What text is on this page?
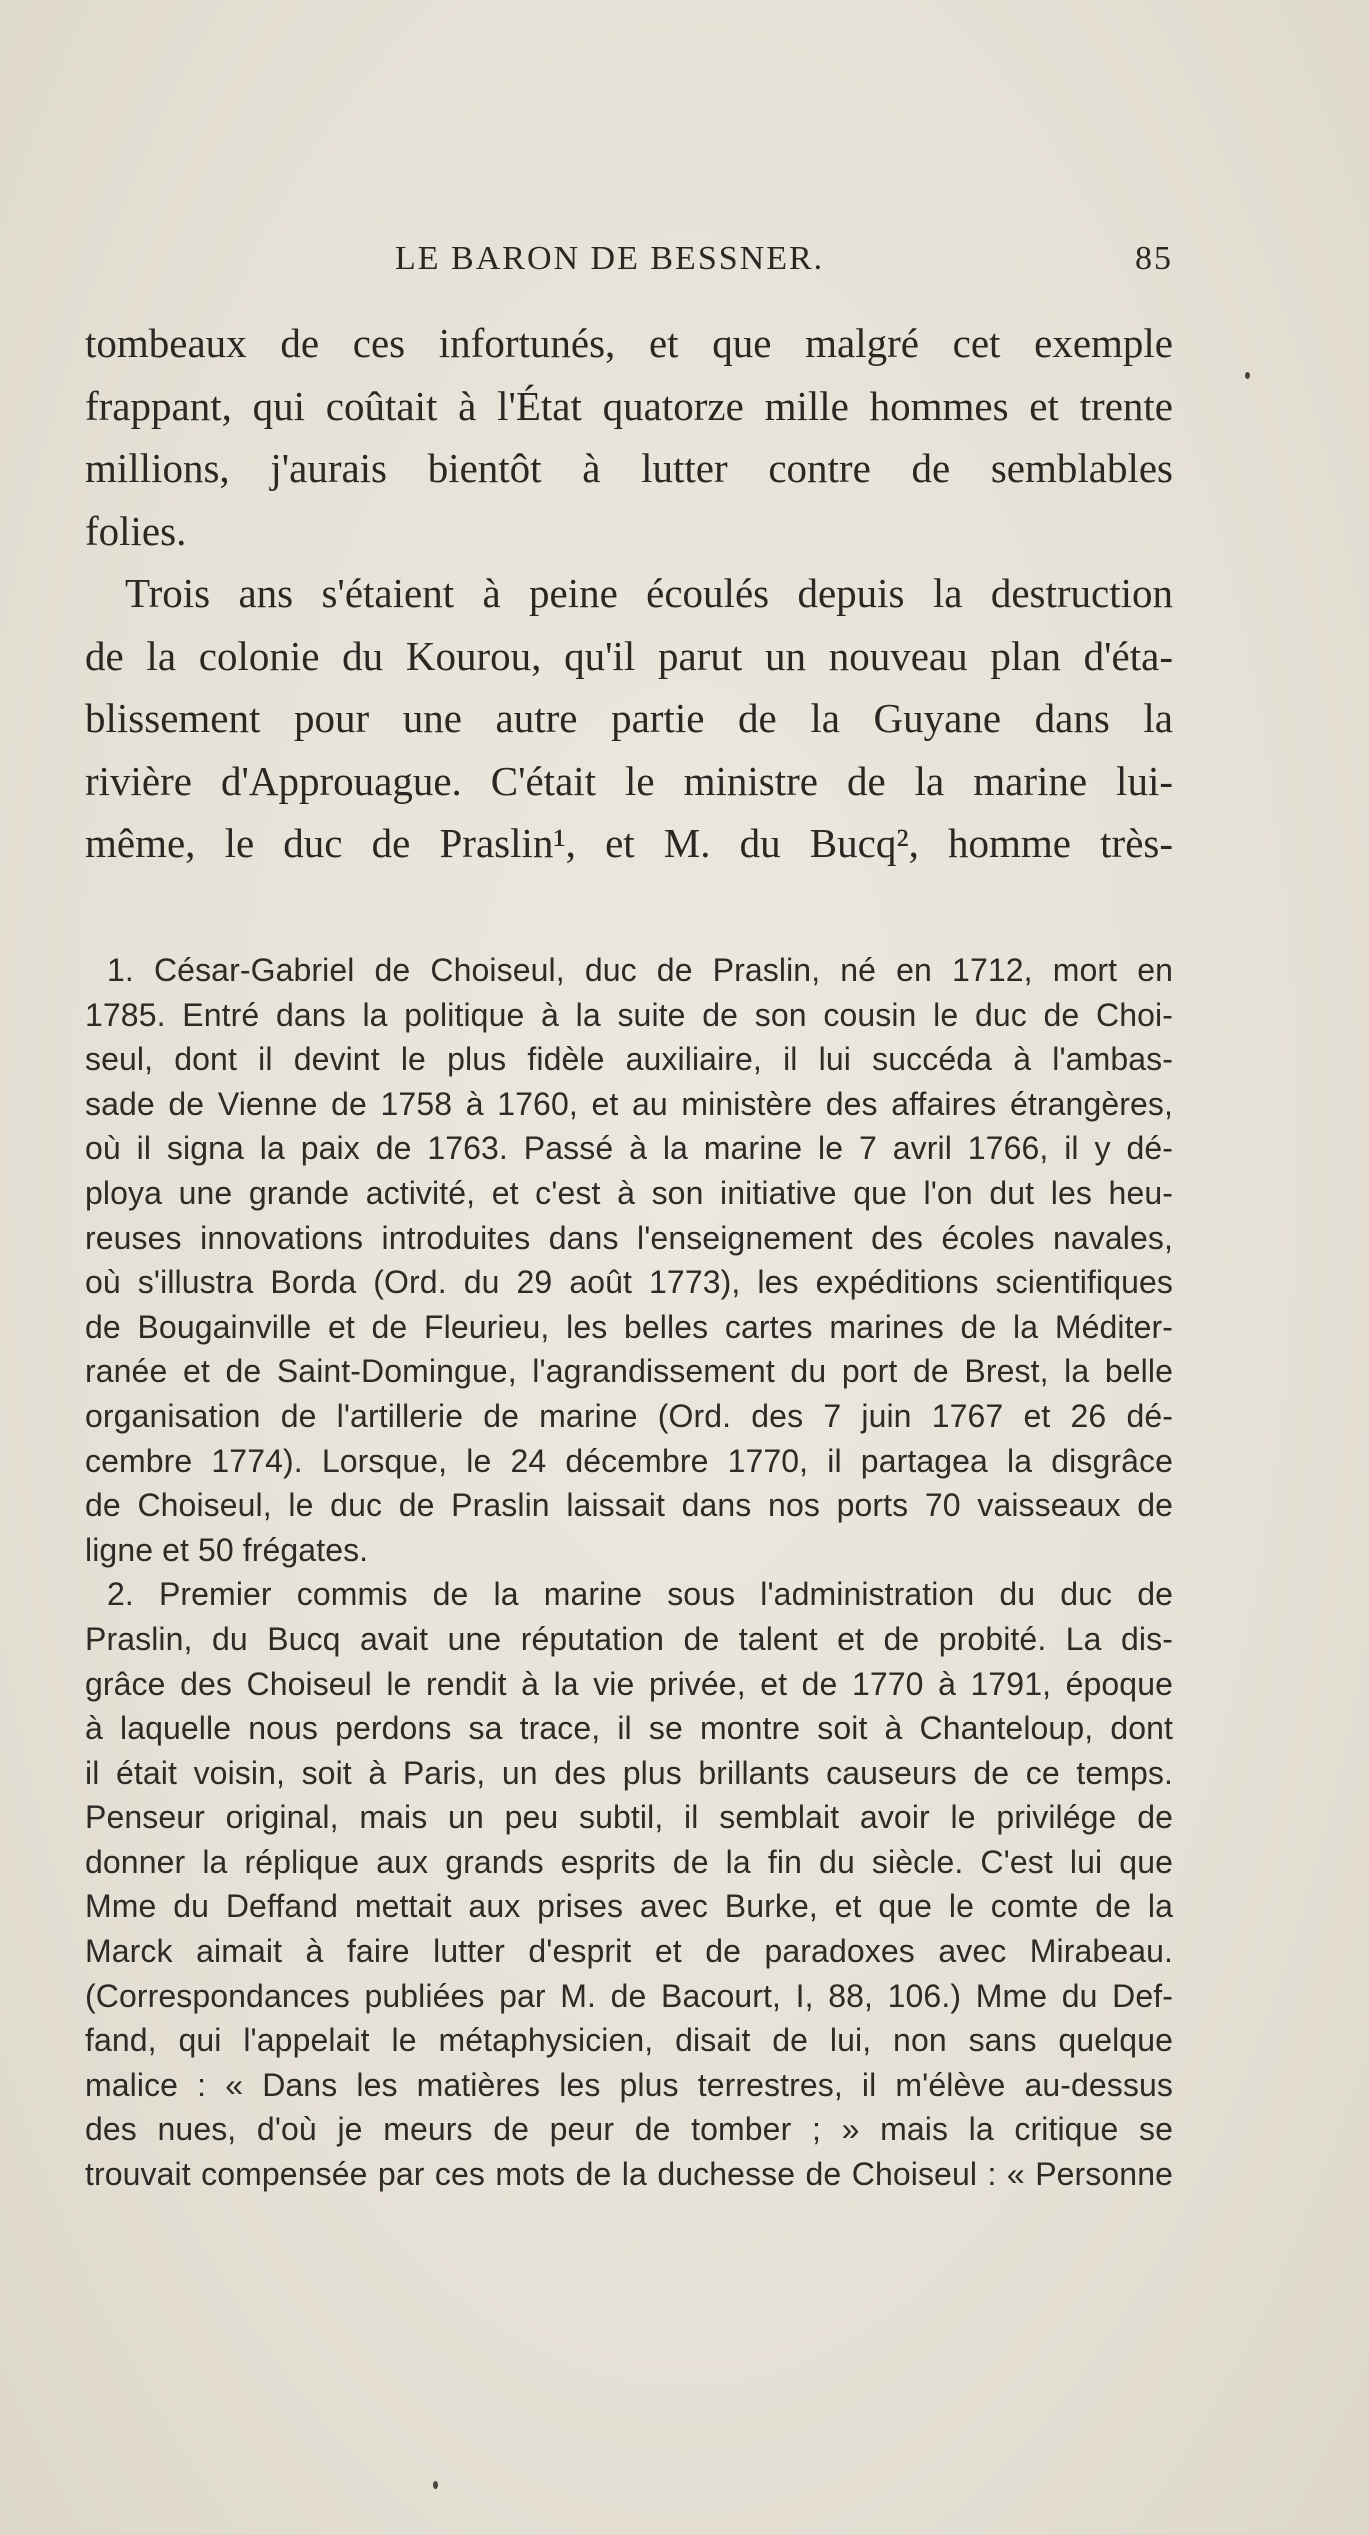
LE BARON DE BESSNER.	85
tombeaux de ces infortunés, et que malgré cet exemple
frappant, qui coûtait à l'État quatorze mille hommes et trente
millions, j'aurais bientôt à lutter contre de semblables
folies.
Trois ans s'étaient à peine écoulés depuis la destruction
de la colonie du Kourou, qu'il parut un nouveau plan d'éta-
blissement pour une autre partie de la Guyane dans la
rivière d'Approuague. C'était le ministre de la marine lui-
même, le duc de Praslin¹, et M. du Bucq², homme très-
1. César-Gabriel de Choiseul, duc de Praslin, né en 1712, mort en
1785. Entré dans la politique à la suite de son cousin le duc de Choi-
seul, dont il devint le plus fidèle auxiliaire, il lui succéda à l'ambas-
sade de Vienne de 1758 à 1760, et au ministère des affaires étrangères,
où il signa la paix de 1763. Passé à la marine le 7 avril 1766, il y dé-
ploya une grande activité, et c'est à son initiative que l'on dut les heu-
reuses innovations introduites dans l'enseignement des écoles navales,
où s'illustra Borda (Ord. du 29 août 1773), les expéditions scientifiques
de Bougainville et de Fleurieu, les belles cartes marines de la Méditer-
ranée et de Saint-Domingue, l'agrandissement du port de Brest, la belle
organisation de l'artillerie de marine (Ord. des 7 juin 1767 et 26 dé-
cembre 1774). Lorsque, le 24 décembre 1770, il partagea la disgrâce
de Choiseul, le duc de Praslin laissait dans nos ports 70 vaisseaux de
ligne et 50 frégates.
2. Premier commis de la marine sous l'administration du duc de
Praslin, du Bucq avait une réputation de talent et de probité. La dis-
grâce des Choiseul le rendit à la vie privée, et de 1770 à 1791, époque
à laquelle nous perdons sa trace, il se montre soit à Chanteloup, dont
il était voisin, soit à Paris, un des plus brillants causeurs de ce temps.
Penseur original, mais un peu subtil, il semblait avoir le privilége de
donner la réplique aux grands esprits de la fin du siècle. C'est lui que
Mme du Deffand mettait aux prises avec Burke, et que le comte de la
Marck aimait à faire lutter d'esprit et de paradoxes avec Mirabeau.
(Correspondances publiées par M. de Bacourt, I, 88, 106.) Mme du Def-
fand, qui l'appelait le métaphysicien, disait de lui, non sans quelque
malice : « Dans les matières les plus terrestres, il m'élève au-dessus
des nues, d'où je meurs de peur de tomber ; » mais la critique se
trouvait compensée par ces mots de la duchesse de Choiseul : « Personne
